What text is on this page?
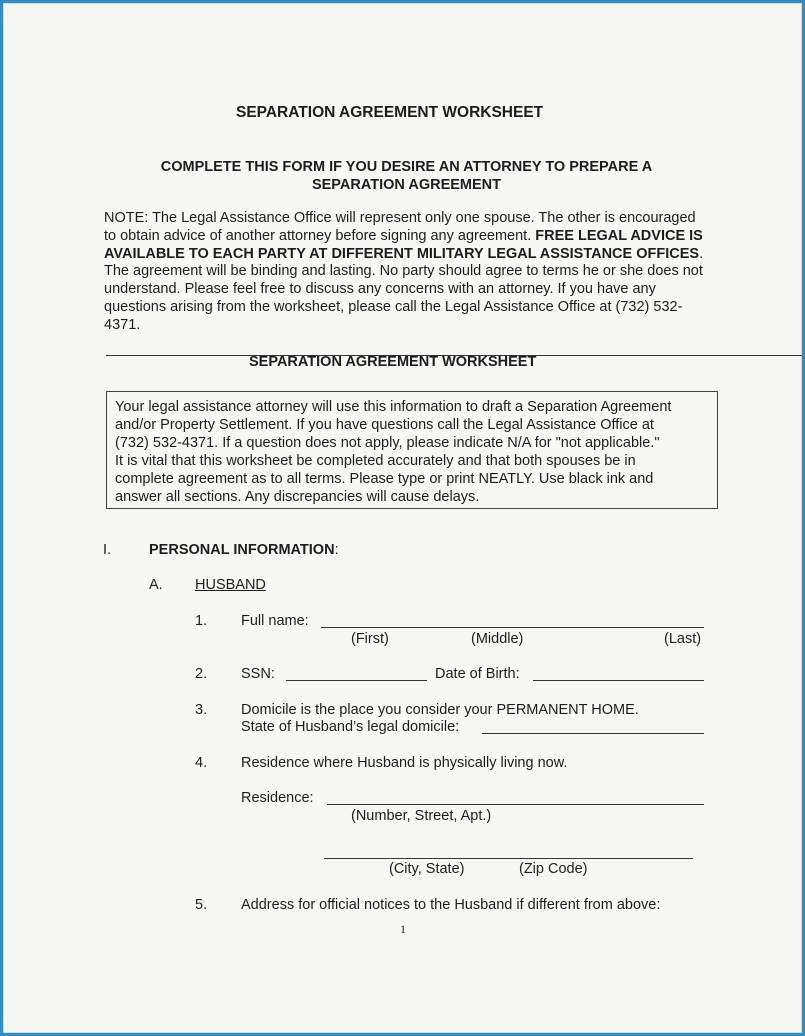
SEPARATION AGREEMENT WORKSHEET
COMPLETE THIS FORM IF YOU DESIRE AN ATTORNEY TO PREPARE A
SEPARATION AGREEMENT
NOTE: The Legal Assistance Office will represent only one spouse. The other is encouraged to obtain advice of another attorney before signing any agreement. FREE LEGAL ADVICE IS AVAILABLE TO EACH PARTY AT DIFFERENT MILITARY LEGAL ASSISTANCE OFFICES. The agreement will be binding and lasting. No party should agree to terms he or she does not understand. Please feel free to discuss any concerns with an attorney. If you have any questions arising from the worksheet, please call the Legal Assistance Office at (732) 532-4371.
SEPARATION AGREEMENT WORKSHEET
Your legal assistance attorney will use this information to draft a Separation Agreement
and/or Property Settlement. If you have questions call the Legal Assistance Office at
(732) 532-4371. If a question does not apply, please indicate N/A for "not applicable."
It is vital that this worksheet be completed accurately and that both spouses be in
complete agreement as to all terms. Please type or print NEATLY. Use black ink and
answer all sections. Any discrepancies will cause delays.
I.	PERSONAL INFORMATION:
A. HUSBAND
1. Full name:
(First)	(Middle)	(Last)
2. SSN:	Date of Birth:
3. Domicile is the place you consider your PERMANENT HOME.
State of Husband’s legal domicile:
4. Residence where Husband is physically living now.
Residence:
(Number, Street, Apt.)
(City, State)	(Zip Code)
5. Address for official notices to the Husband if different from above:
1
